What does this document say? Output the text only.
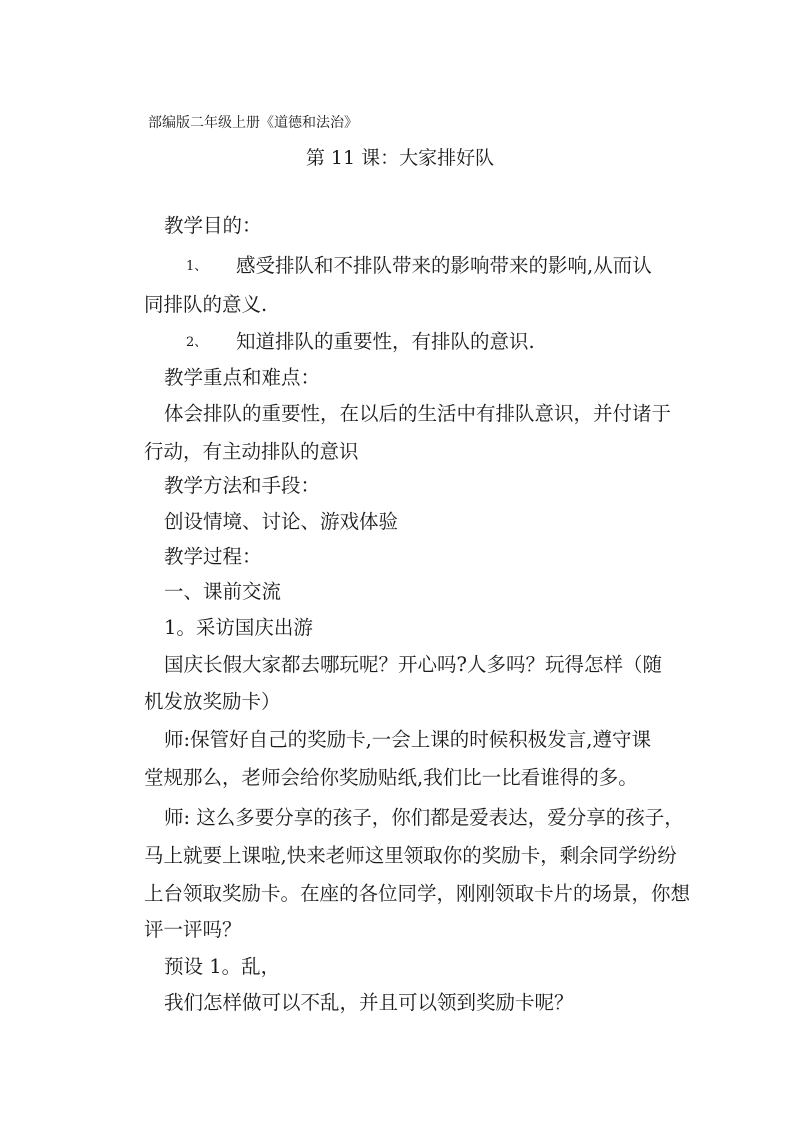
部编版二年级上册《道德和法治》
第 11 课：大家排好队
教学目的：
1、 感受排队和不排队带来的影响带来的影响,从而认
同排队的意义.
2、 知道排队的重要性，有排队的意识.
教学重点和难点：
体会排队的重要性，在以后的生活中有排队意识，并付诸于
行动，有主动排队的意识
教学方法和手段：
创设情境、讨论、游戏体验
教学过程：
一、课前交流
1。采访国庆出游
国庆长假大家都去哪玩呢？开心吗?人多吗？玩得怎样（随
机发放奖励卡）
师:保管好自己的奖励卡,一会上课的时候积极发言,遵守课
堂规那么，老师会给你奖励贴纸,我们比一比看谁得的多。
师: 这么多要分享的孩子，你们都是爱表达，爱分享的孩子，
马上就要上课啦,快来老师这里领取你的奖励卡，剩余同学纷纷
上台领取奖励卡。在座的各位同学，刚刚领取卡片的场景，你想
评一评吗？
预设 1。乱，
我们怎样做可以不乱，并且可以领到奖励卡呢？
